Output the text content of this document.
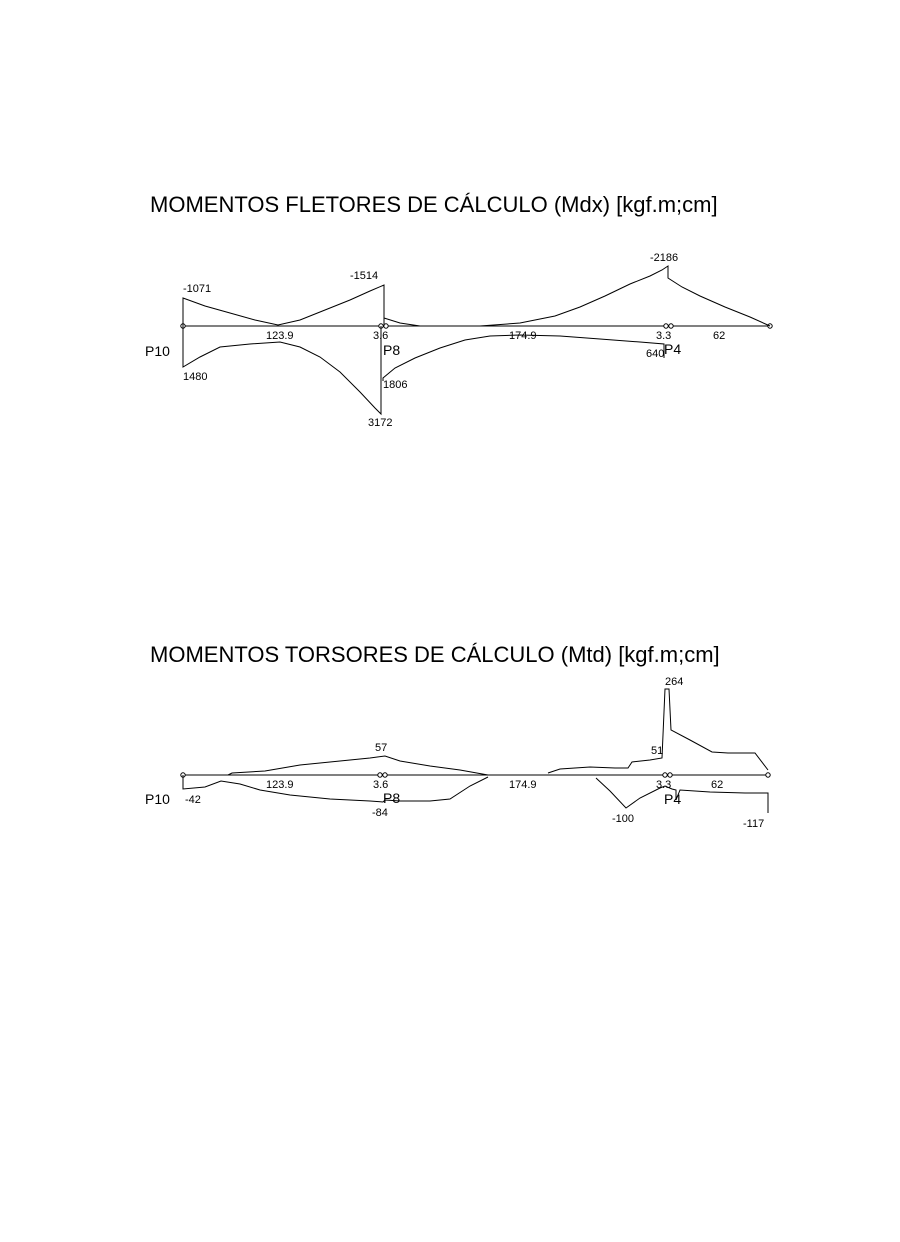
MOMENTOS FLETORES DE CÁLCULO (Mdx) [kgf.m;cm]
123.9	3.6	174.9	3.3	62
P10	P8	P4
-1071
-1514
-2186
1480
3172
1806
640
MOMENTOS TORSORES DE CÁLCULO (Mtd) [kgf.m;cm]
123.9	3.6	174.9	3.3	62
P10	P8	P4
264
57	51
-42
-84	-100	-117
